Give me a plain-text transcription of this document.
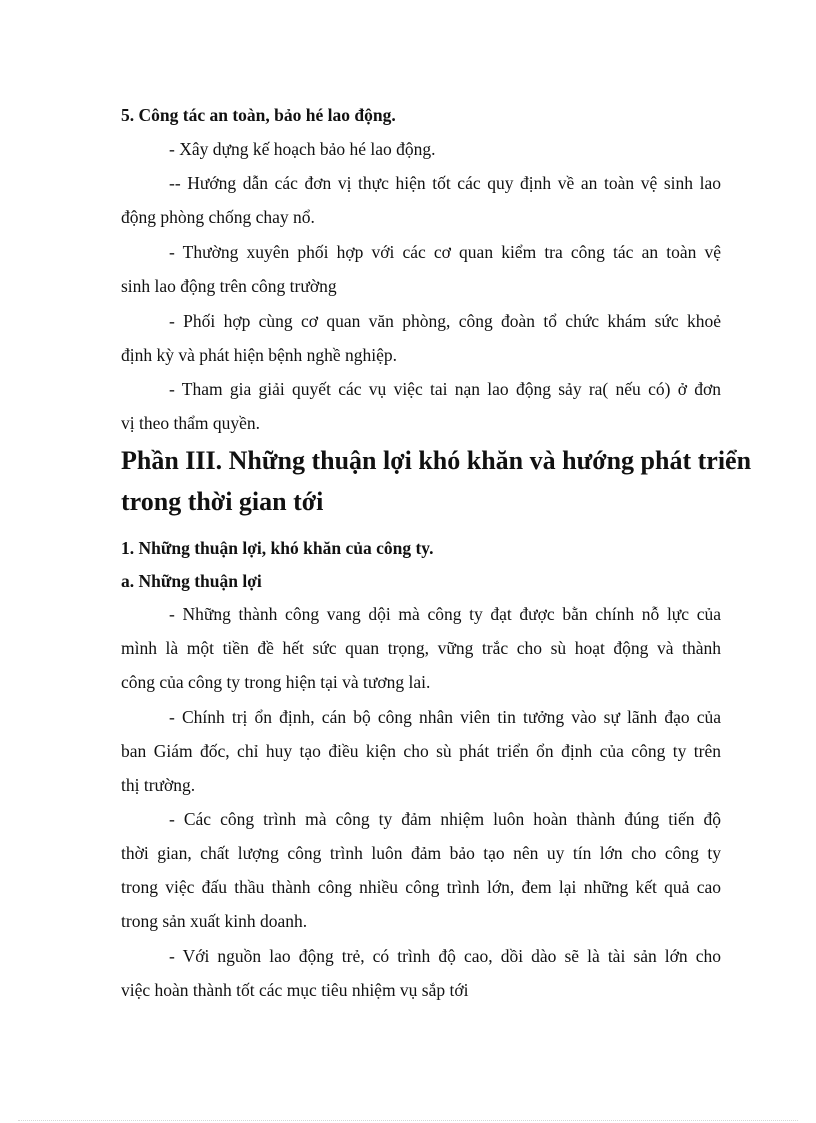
5. Công tác an toàn, bảo hé lao động.
- Xây dựng kế hoạch bảo hé lao động.
-- Hướng dẫn các đơn vị thực hiện tốt các quy định về an toàn vệ sinh lao
động phòng chống chay nổ.
- Thường xuyên phối hợp với các cơ quan kiểm tra công tác an toàn vệ
sinh lao động trên công trường
- Phối hợp cùng cơ quan văn phòng, công đoàn tổ chức khám sức khoẻ
định kỳ và phát hiện bệnh nghề nghiệp.
- Tham gia giải quyết các vụ việc tai nạn lao động sảy ra( nếu có) ở đơn
vị theo thẩm quyền.
Phần III. Những thuận lợi khó khăn và hướng phát triển
trong thời gian tới
1. Những thuận lợi, khó khăn của công ty.
a. Những thuận lợi
- Những thành công vang dội mà công ty đạt được bằn chính nỗ lực của
mình là một tiền đề hết sức quan trọng, vững trắc cho sù hoạt động và thành
công của công ty trong hiện tại và tương lai.
- Chính trị ổn định, cán bộ công nhân viên tin tưởng vào sự lãnh đạo của
ban Giám đốc, chỉ huy tạo điều kiện cho sù phát triển ổn định của công ty trên
thị trường.
- Các công trình mà công ty đảm nhiệm luôn hoàn thành đúng tiến độ
thời gian, chất lượng công trình luôn đảm bảo tạo nên uy tín lớn cho công ty
trong việc đấu thầu thành công nhiều công trình lớn, đem lại những kết quả cao
trong sản xuất kinh doanh.
- Với nguồn lao động trẻ, có trình độ cao, dồi dào sẽ là tài sản lớn cho
việc hoàn thành tốt các mục tiêu nhiệm vụ sắp tới
